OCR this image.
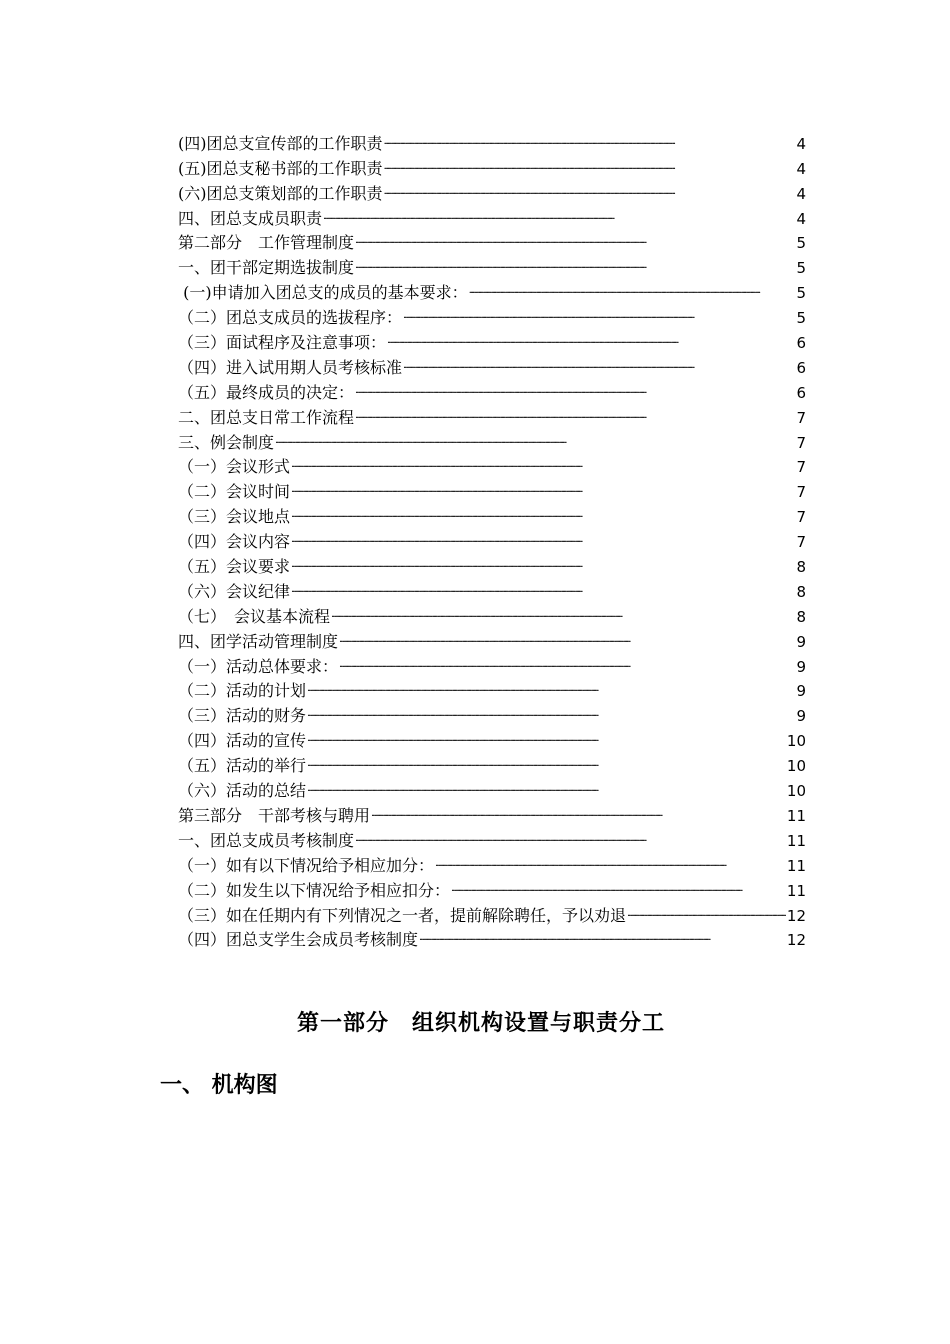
(四)团总支宣传部的工作职责 . . .	4
(五)团总支秘书部的工作职责 . . .	4
(六)团总支策划部的工作职责 . . .	4
四、团总支成员职责 . . .	4
第二部分　工作管理制度 . . .	5
一、团干部定期选拔制度 . . .	5
(一)申请加入团总支的成员的基本要求： . . .	5
（二）团总支成员的选拔程序： . . .	5
（三）面试程序及注意事项： . . .	6
（四）进入试用期人员考核标准 . . .	6
（五）最终成员的决定： . . .	6
二、团总支日常工作流程 . . .	7
三、例会制度 . . .	7
（一）会议形式 . . .	7
（二）会议时间 . . .	7
（三）会议地点 . . .	7
（四）会议内容 . . .	7
（五）会议要求 . . .	8
（六）会议纪律 . . .	8
（七）　会议基本流程 . . .	8
四、团学活动管理制度 . . .	9
（一）活动总体要求： . . .	9
（二）活动的计划 . . .	9
（三）活动的财务 . . .	9
（四）活动的宣传 . . .	10
（五）活动的举行 . . .	10
（六）活动的总结 . . .	10
第三部分　干部考核与聘用 . . .	11
一、团总支成员考核制度 . . .	11
（一）如有以下情况给予相应加分： . . .	11
（二）如发生以下情况给予相应扣分： . . .	11
（三）如在任期内有下列情况之一者，提前解除聘任，予以劝退 . . .	12
（四）团总支学生会成员考核制度 . . .	12
第一部分　组织机构设置与职责分工
一、 机构图
